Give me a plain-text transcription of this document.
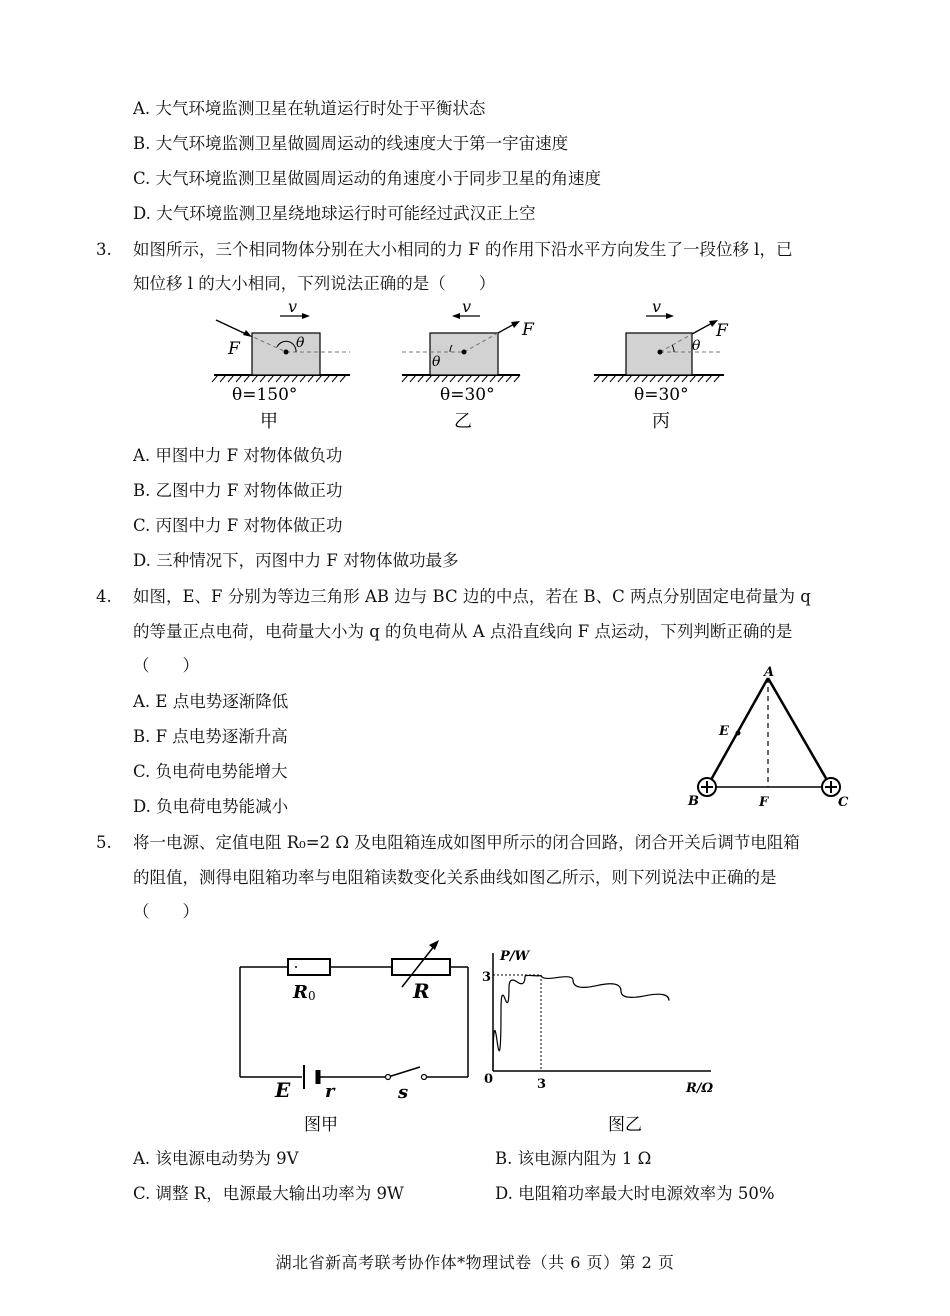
A. 大气环境监测卫星在轨道运行时处于平衡状态
B. 大气环境监测卫星做圆周运动的线速度大于第一宇宙速度
C. 大气环境监测卫星做圆周运动的角速度小于同步卫星的角速度
D. 大气环境监测卫星绕地球运行时可能经过武汉正上空
3. 如图所示，三个相同物体分别在大小相同的力 F 的作用下沿水平方向发生了一段位移 l，已
知位移 l 的大小相同，下列说法正确的是（　　）
v
F	θ
θ=150°
甲
v
F
θ
θ=30°
乙
v
F
θ
θ=30°
丙
A. 甲图中力 F 对物体做负功
B. 乙图中力 F 对物体做正功
C. 丙图中力 F 对物体做正功
D. 三种情况下，丙图中力 F 对物体做功最多
4. 如图，E、F 分别为等边三角形 AB 边与 BC 边的中点，若在 B、C 两点分别固定电荷量为 q
的等量正点电荷，电荷量大小为 q 的负电荷从 A 点沿直线向 F 点运动，下列判断正确的是
（　　）
A. E 点电势逐渐降低
B. F 点电势逐渐升高
C. 负电荷电势能增大
D. 负电荷电势能减小
A
E
B	F	C
5. 将一电源、定值电阻 R₀=2 Ω 及电阻箱连成如图甲所示的闭合回路，闭合开关后调节电阻箱
的阻值，测得电阻箱功率与电阻箱读数变化关系曲线如图乙所示，则下列说法中正确的是
（　　）
R0	R
E r	s
图甲
P/W
3
3
0
R/Ω
图乙
A. 该电源电动势为 9V	B. 该电源内阻为 1 Ω
C. 调整 R，电源最大输出功率为 9W	D. 电阻箱功率最大时电源效率为 50%
湖北省新高考联考协作体*物理试卷（共 6 页）第 2 页
